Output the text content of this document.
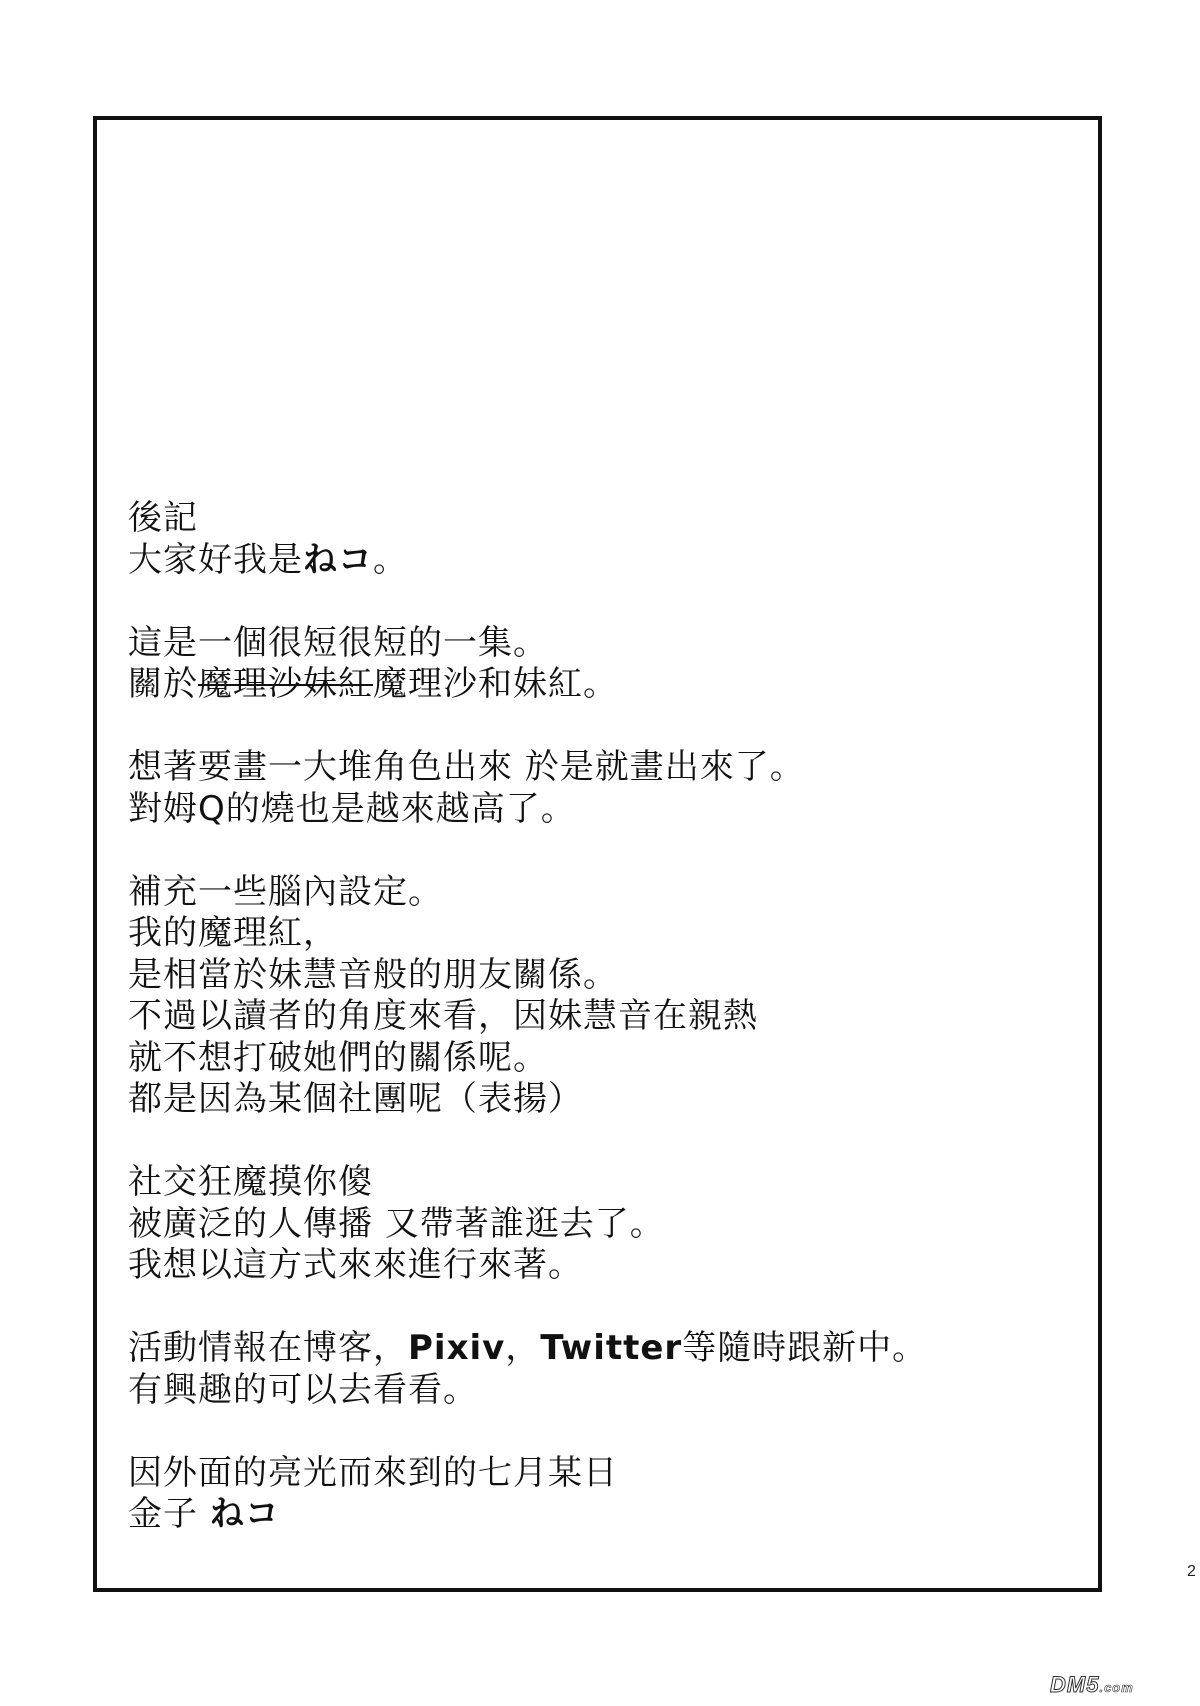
後記
大家好我是ねコ。
這是一個很短很短的一集。
關於魔理沙妹紅魔理沙和妹紅。
想著要畫一大堆角色出來 於是就畫出來了。
對姆Q的燒也是越來越高了。
補充一些腦內設定。
我的魔理紅，
是相當於妹慧音般的朋友關係。
不過以讀者的角度來看，因妹慧音在親熱
就不想打破她們的關係呢。
都是因為某個社團呢（表揚）
社交狂魔摸你傻
被廣泛的人傳播 又帶著誰逛去了。
我想以這方式來來進行來著。
活動情報在博客，Pixiv，Twitter等隨時跟新中。
有興趣的可以去看看。
因外面的亮光而來到的七月某日
金子 ねコ
2
DM5.com
